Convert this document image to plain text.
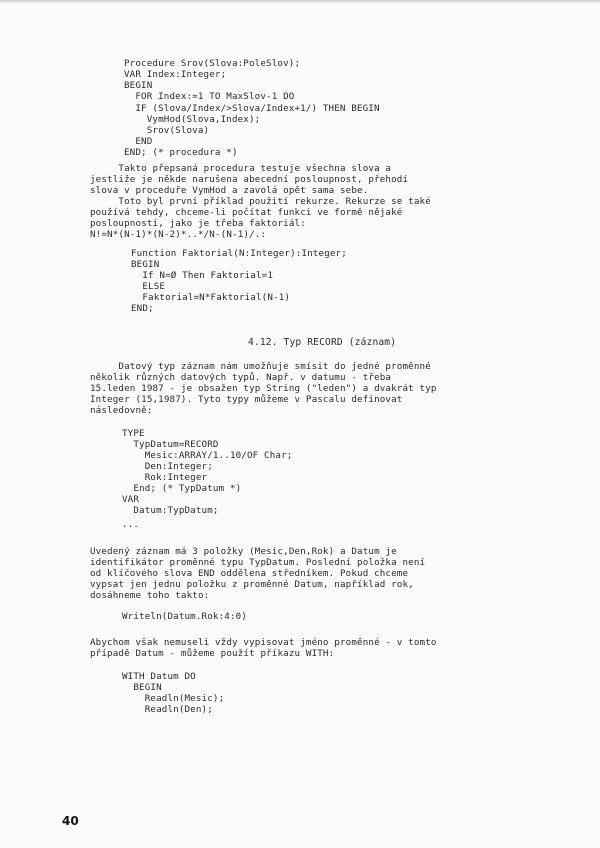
Procedure Srov(Slova:PoleSlov);
VAR Index:Integer;
BEGIN
FOR Index:=1 TO MaxSlov-1 DO
IF (Slova/Index/>Slova/Index+1/) THEN BEGIN
VymHod(Slova,Index);
Srov(Slova)
END
END; (* procedura *)
Takto přepsaná procedura testuje všechna slova a
jestliže je někde narušena abecední posloupnost, přehodí
slova v proceduře VymHod a zavolá opět sama sebe.
Toto byl první příklad použití rekurze. Rekurze se také
používá tehdy, chceme-li počítat funkci ve formě nějaké
posloupnosti, jako je třeba faktoriál:
N!=N*(N-1)*(N-2)*..*/N-(N-1)/.:
Function Faktorial(N:Integer):Integer;
BEGIN
If N=Ø Then Faktorial=1
ELSE
Faktorial=N*Faktorial(N-1)
END;
4.12. Typ RECORD (záznam)
Datový typ záznam nám umožňuje smísit do jedné proměnné
několik různých datových typů. Např. v datumu - třeba
15.leden 1987 - je obsažen typ String ("leden") a dvakrát typ
Integer (15,1987). Tyto typy můžeme v Pascalu definovat
následovně:
TYPE
TypDatum=RECORD
Mesic:ARRAY/1..10/OF Char;
Den:Integer;
Rok:Integer
End; (* TypDatum *)
VAR
Datum:TypDatum;
...
Uvedený záznam má 3 položky (Mesic,Den,Rok) a Datum je
identifikátor proměnné typu TypDatum. Poslední položka není
od klíčového slova END oddělena středníkem. Pokud chceme
vypsat jen jednu položku z proměnné Datum, například rok,
dosáhneme toho takto:
Writeln(Datum.Rok:4:0)
Abychom však nemuseli vždy vypisovat jméno proměnné - v tomto
případě Datum - můžeme použít příkazu WITH:
WITH Datum DO
BEGIN
Readln(Mesic);
Readln(Den);
40
